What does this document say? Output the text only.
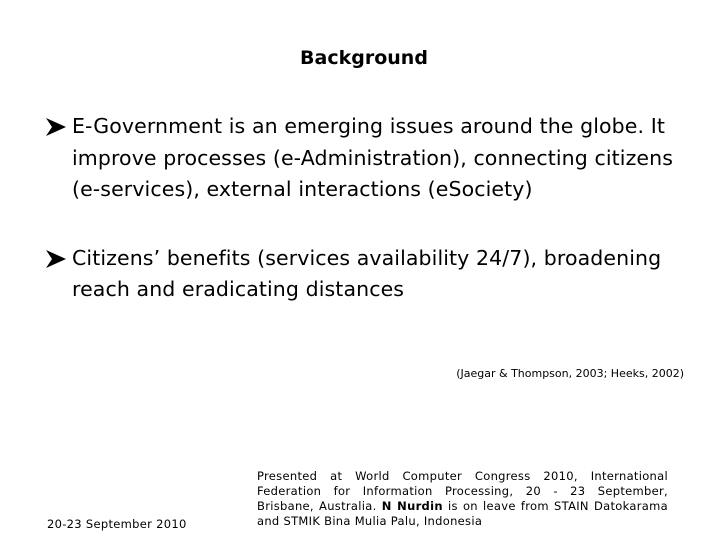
Background
E-Government is an emerging issues around the globe. It improve processes (e-Administration), connecting citizens (e-services), external interactions (eSociety)
Citizens’ benefits (services availability 24/7), broadening reach and eradicating distances
(Jaegar & Thompson, 2003; Heeks, 2002)
Presented at World Computer Congress 2010, International Federation for Information Processing, 20 - 23 September, Brisbane, Australia. N Nurdin is on leave from STAIN Datokarama and STMIK Bina Mulia Palu, Indonesia
20-23 September 2010
